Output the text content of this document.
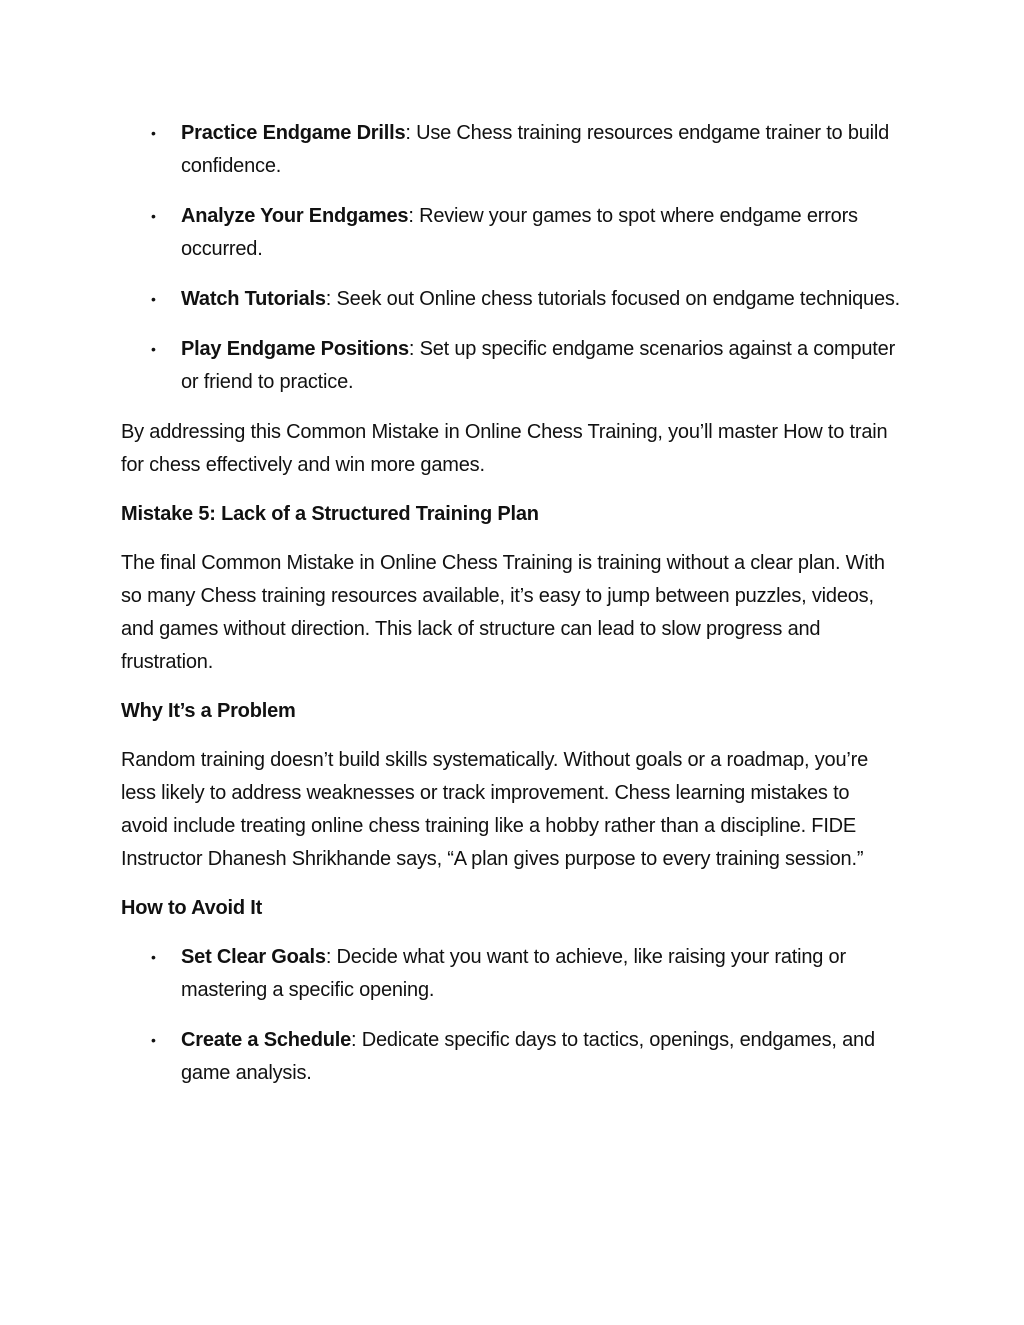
•	Practice Endgame Drills: Use Chess training resources endgame trainer to build confidence.
•	Analyze Your Endgames: Review your games to spot where endgame errors occurred.
•	Watch Tutorials: Seek out Online chess tutorials focused on endgame techniques.
•	Play Endgame Positions: Set up specific endgame scenarios against a computer or friend to practice.

By addressing this Common Mistake in Online Chess Training, you’ll master How to train for chess effectively and win more games.

Mistake 5: Lack of a Structured Training Plan

The final Common Mistake in Online Chess Training is training without a clear plan. With so many Chess training resources available, it’s easy to jump between puzzles, videos, and games without direction. This lack of structure can lead to slow progress and frustration.

Why It’s a Problem

Random training doesn’t build skills systematically. Without goals or a roadmap, you’re less likely to address weaknesses or track improvement. Chess learning mistakes to avoid include treating online chess training like a hobby rather than a discipline. FIDE Instructor Dhanesh Shrikhande says, “A plan gives purpose to every training session.”

How to Avoid It
•	Set Clear Goals: Decide what you want to achieve, like raising your rating or mastering a specific opening.
•	Create a Schedule: Dedicate specific days to tactics, openings, endgames, and game analysis.
